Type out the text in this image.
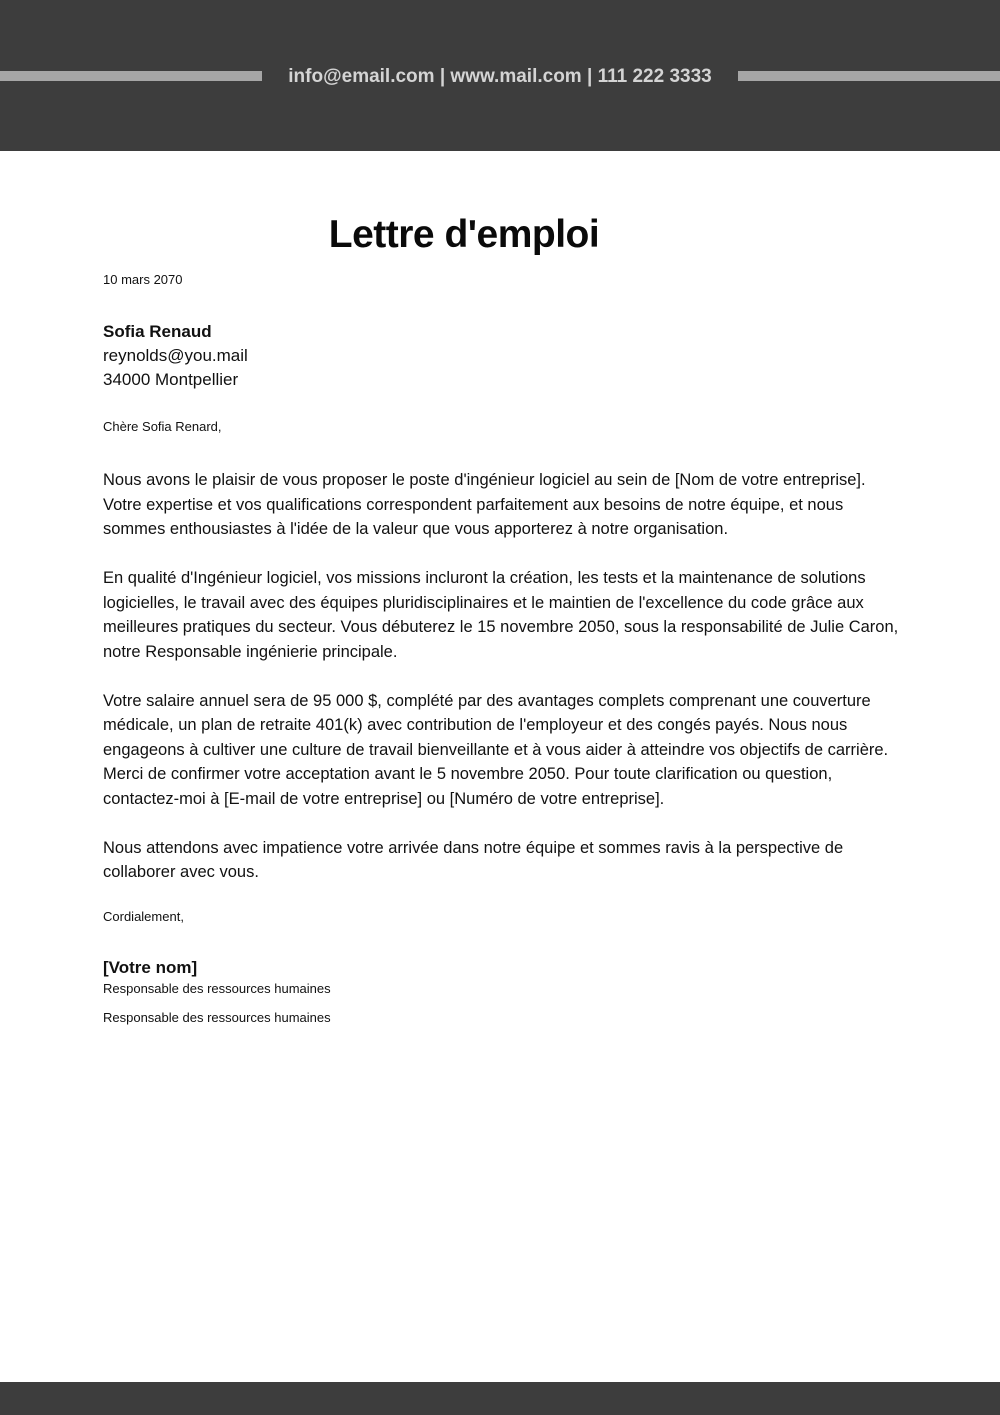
info@email.com | www.mail.com | 111 222 3333
Lettre d'emploi
10 mars 2070
Sofia Renaud
reynolds@you.mail
34000 Montpellier
Chère Sofia Renard,

Nous avons le plaisir de vous proposer le poste d'ingénieur logiciel au sein de [Nom de votre entreprise]. Votre expertise et vos qualifications correspondent parfaitement aux besoins de notre équipe, et nous sommes enthousiastes à l'idée de la valeur que vous apporterez à notre organisation.

En qualité d'Ingénieur logiciel, vos missions incluront la création, les tests et la maintenance de solutions logicielles, le travail avec des équipes pluridisciplinaires et le maintien de l'excellence du code grâce aux meilleures pratiques du secteur. Vous débuterez le 15 novembre 2050, sous la responsabilité de Julie Caron, notre Responsable ingénierie principale.

Votre salaire annuel sera de 95 000 $, complété par des avantages complets comprenant une couverture médicale, un plan de retraite 401(k) avec contribution de l'employeur et des congés payés. Nous nous engageons à cultiver une culture de travail bienveillante et à vous aider à atteindre vos objectifs de carrière. Merci de confirmer votre acceptation avant le 5 novembre 2050. Pour toute clarification ou question, contactez-moi à [E-mail de votre entreprise] ou [Numéro de votre entreprise].

Nous attendons avec impatience votre arrivée dans notre équipe et sommes ravis à la perspective de collaborer avec vous.

Cordialement,
[Votre nom]
Responsable des ressources humaines
Responsable des ressources humaines
